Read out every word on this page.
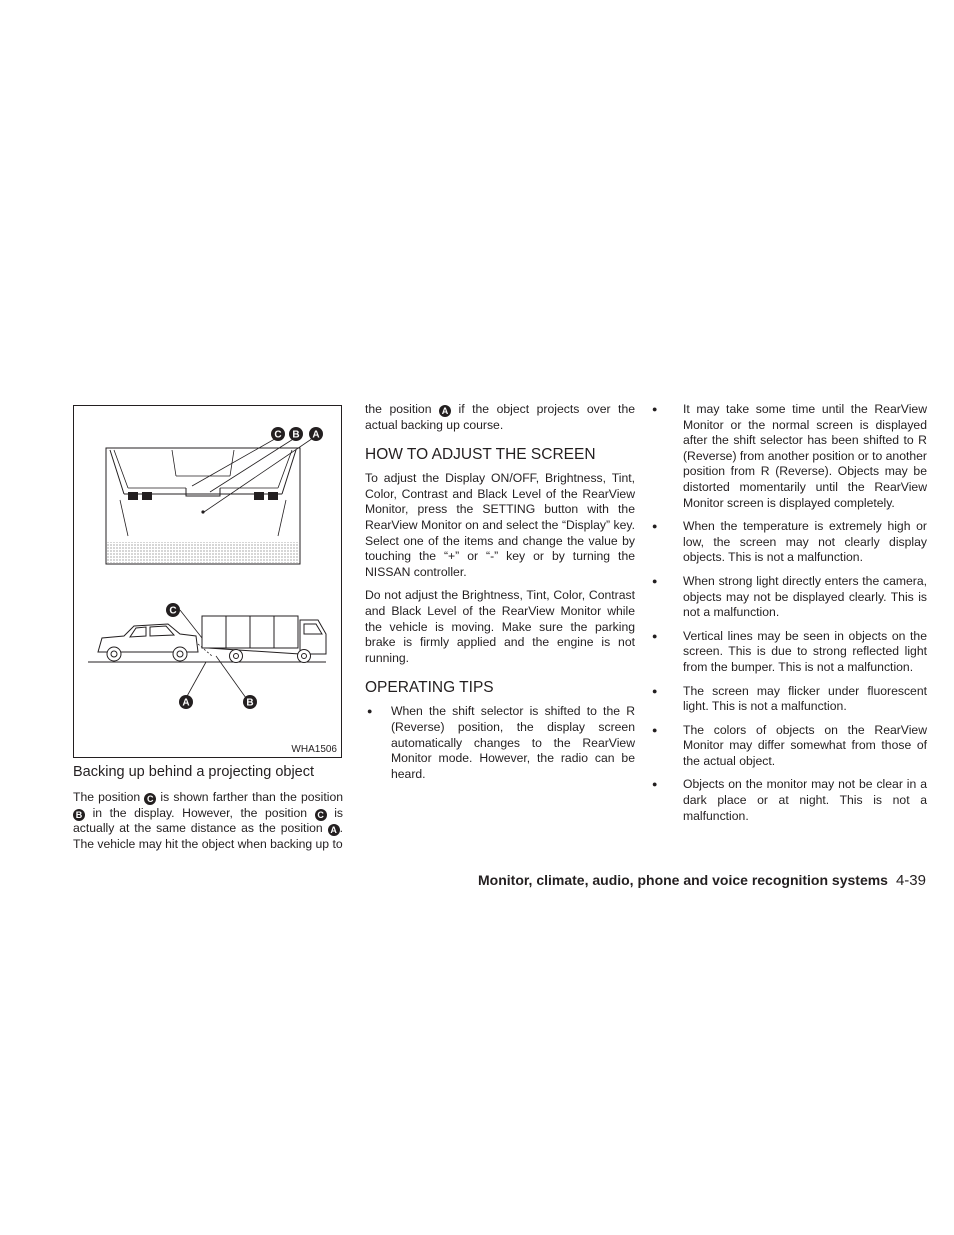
C B A
C
A	B
WHA1506
Backing up behind a projecting object

The position C is shown farther than the position B in the display. However, the position C is actually at the same distance as the position A . The vehicle may hit the object when backing up to

the position A if the object projects over the actual backing up course.

HOW TO ADJUST THE SCREEN

To adjust the Display ON/OFF, Brightness, Tint, Color, Contrast and Black Level of the RearView Monitor, press the SETTING button with the RearView Monitor on and select the “Display” key. Select one of the items and change the value by touching the “+” or “-” key or by turning the NISSAN controller.

Do not adjust the Brightness, Tint, Color, Contrast and Black Level of the RearView Monitor while the vehicle is moving. Make sure the parking brake is firmly applied and the engine is not running.

OPERATING TIPS
● When the shift selector is shifted to the R (Reverse) position, the display screen automatically changes to the RearView Monitor mode. However, the radio can be heard.
● It may take some time until the RearView Monitor or the normal screen is displayed after the shift selector has been shifted to R (Reverse) from another position or to another position from R (Reverse). Objects may be distorted momentarily until the RearView Monitor screen is displayed completely.
● When the temperature is extremely high or low, the screen may not clearly display objects. This is not a malfunction.
● When strong light directly enters the camera, objects may not be displayed clearly. This is not a malfunction.
● Vertical lines may be seen in objects on the screen. This is due to strong reflected light from the bumper. This is not a malfunction.
● The screen may flicker under fluorescent light. This is not a malfunction.
● The colors of objects on the RearView Monitor may differ somewhat from those of the actual object.
● Objects on the monitor may not be clear in a dark place or at night. This is not a malfunction.
Monitor, climate, audio, phone and voice recognition systems 4-39
